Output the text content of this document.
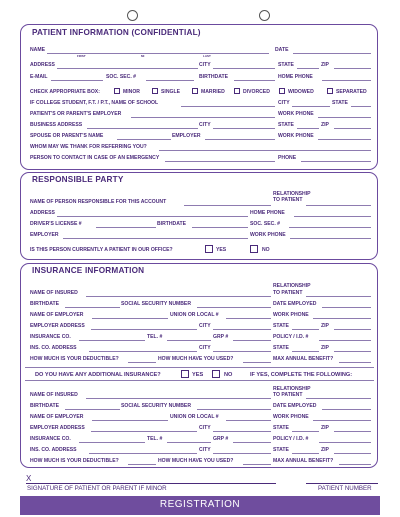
PATIENT INFORMATION (CONFIDENTIAL)
NAME
FIRST	MI	LAST
DATE
ADDRESS	CITY	STATE	ZIP
E-MAIL	SOC. SEC. #	BIRTHDATE	HOME PHONE
CHECK APPROPRIATE BOX:	MINOR	SINGLE	MARRIED	DIVORCED	WIDOWED	SEPARATED
IF COLLEGE STUDENT, F.T. / P.T., NAME OF SCHOOL	CITY	STATE
PATIENT'S OR PARENT'S EMPLOYER	WORK PHONE
BUSINESS ADDRESS	CITY	STATE	ZIP
SPOUSE OR PARENT'S NAME	EMPLOYER	WORK PHONE
WHOM MAY WE THANK FOR REFERRING YOU?
PERSON TO CONTACT IN CASE OF AN EMERGENCY	PHONE
RESPONSIBLE PARTY
RELATIONSHIP
TO PATIENT
NAME OF PERSON RESPONSIBLE FOR THIS ACCOUNT
ADDRESS	HOME PHONE
DRIVER'S LICENSE #	BIRTHDATE	SOC. SEC. #
EMPLOYER	WORK PHONE
IS THIS PERSON CURRENTLY A PATIENT IN OUR OFFICE?	YES	NO
INSURANCE INFORMATION
RELATIONSHIP
TO PATIENT
NAME OF INSURED
BIRTHDATE	SOCIAL SECURITY NUMBER	DATE EMPLOYED
NAME OF EMPLOYER	UNION OR LOCAL #	WORK PHONE
EMPLOYER ADDRESS	CITY	STATE	ZIP
INSURANCE CO.	TEL. #	GRP #	POLICY / I.D. #
INS. CO. ADDRESS	CITY	STATE	ZIP
HOW MUCH IS YOUR DEDUCTIBLE?	HOW MUCH HAVE YOU USED?	MAX ANNUAL BENEFIT?
DO YOU HAVE ANY ADDITIONAL INSURANCE?	YES	NO	IF YES, COMPLETE THE FOLLOWING:
RELATIONSHIP
TO PATIENT
NAME OF INSURED
BIRTHDATE	SOCIAL SECURITY NUMBER	DATE EMPLOYED
NAME OF EMPLOYER	UNION OR LOCAL #	WORK PHONE
EMPLOYER ADDRESS	CITY	STATE	ZIP
INSURANCE CO.	TEL. #	GRP #	POLICY / I.D. #
INS. CO. ADDRESS	CITY	STATE	ZIP
HOW MUCH IS YOUR DEDUCTIBLE?	HOW MUCH HAVE YOU USED?	MAX ANNUAL BENEFIT?
X
SIGNATURE OF PATIENT OR PARENT IF MINOR	PATIENT NUMBER
REGISTRATION
